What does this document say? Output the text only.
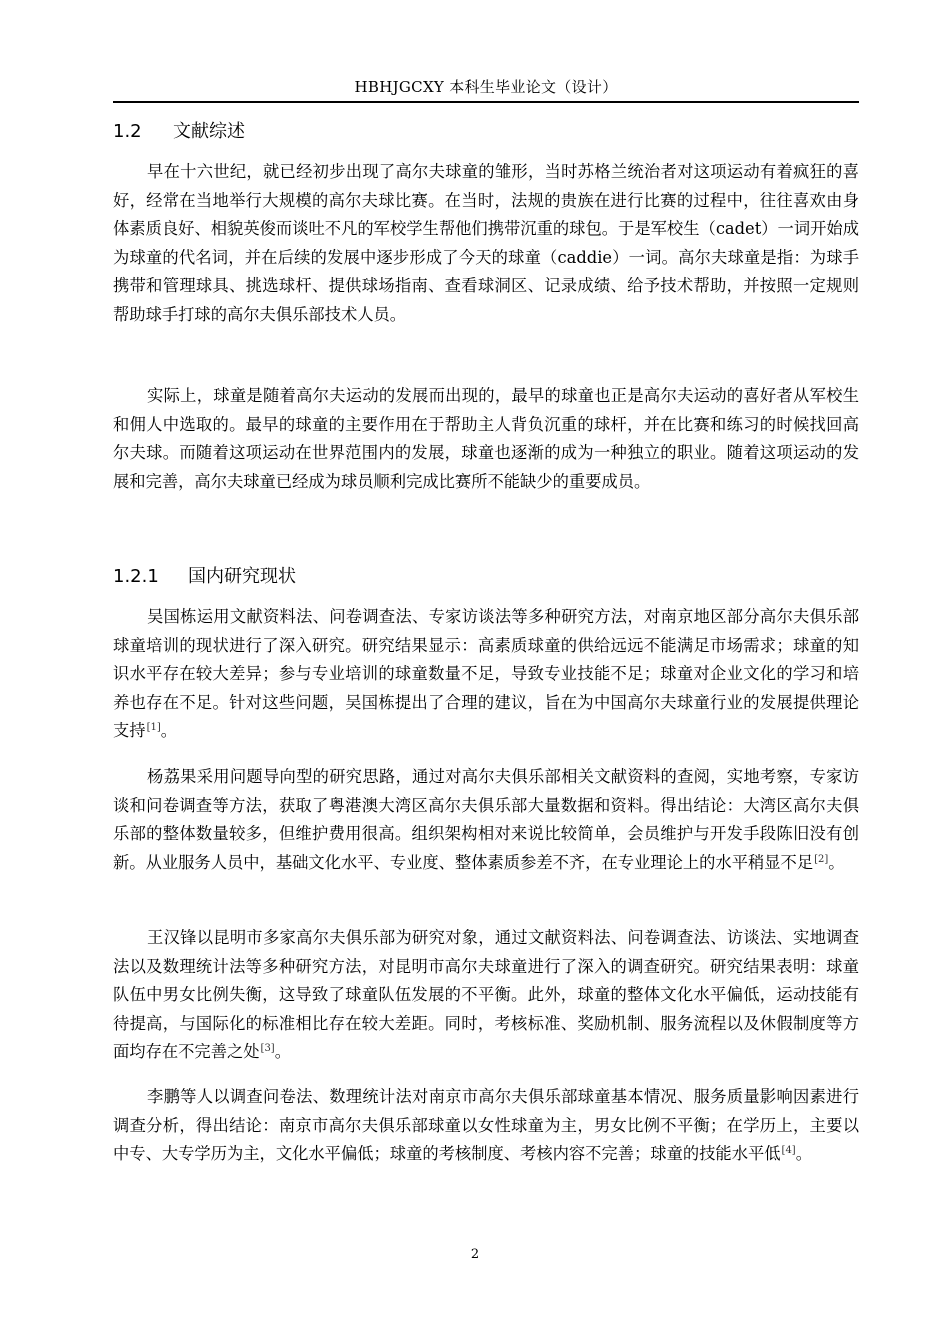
HBHJGCXY 本科生毕业论文（设计）
1.2 文献综述

早在十六世纪，就已经初步出现了高尔夫球童的雏形，当时苏格兰统治者对这项运动有着疯狂的喜好，经常在当地举行大规模的高尔夫球比赛。在当时，法规的贵族在进行比赛的过程中，往往喜欢由身体素质良好、相貌英俊而谈吐不凡的军校学生帮他们携带沉重的球包。于是军校生（cadet）一词开始成为球童的代名词，并在后续的发展中逐步形成了今天的球童（caddie）一词。高尔夫球童是指：为球手携带和管理球具、挑选球杆、提供球场指南、查看球洞区、记录成绩、给予技术帮助，并按照一定规则帮助球手打球的高尔夫俱乐部技术人员。

实际上，球童是随着高尔夫运动的发展而出现的，最早的球童也正是高尔夫运动的喜好者从军校生和佣人中选取的。最早的球童的主要作用在于帮助主人背负沉重的球杆，并在比赛和练习的时候找回高尔夫球。而随着这项运动在世界范围内的发展，球童也逐渐的成为一种独立的职业。随着这项运动的发展和完善，高尔夫球童已经成为球员顺利完成比赛所不能缺少的重要成员。

1.2.1 国内研究现状

吴国栋运用文献资料法、问卷调查法、专家访谈法等多种研究方法，对南京地区部分高尔夫俱乐部球童培训的现状进行了深入研究。研究结果显示：高素质球童的供给远远不能满足市场需求；球童的知识水平存在较大差异；参与专业培训的球童数量不足，导致专业技能不足；球童对企业文化的学习和培养也存在不足。针对这些问题，吴国栋提出了合理的建议，旨在为中国高尔夫球童行业的发展提供理论支持[1]。

杨荔果采用问题导向型的研究思路，通过对高尔夫俱乐部相关文献资料的查阅，实地考察，专家访谈和问卷调查等方法，获取了粤港澳大湾区高尔夫俱乐部大量数据和资料。得出结论：大湾区高尔夫俱乐部的整体数量较多，但维护费用很高。组织架构相对来说比较简单，会员维护与开发手段陈旧没有创新。从业服务人员中，基础文化水平、专业度、整体素质参差不齐，在专业理论上的水平稍显不足[2]。

王汉锋以昆明市多家高尔夫俱乐部为研究对象，通过文献资料法、问卷调查法、访谈法、实地调查法以及数理统计法等多种研究方法，对昆明市高尔夫球童进行了深入的调查研究。研究结果表明：球童队伍中男女比例失衡，这导致了球童队伍发展的不平衡。此外，球童的整体文化水平偏低，运动技能有待提高，与国际化的标准相比存在较大差距。同时，考核标准、奖励机制、服务流程以及休假制度等方面均存在不完善之处[3]。

李鹏等人以调查问卷法、数理统计法对南京市高尔夫俱乐部球童基本情况、服务质量影响因素进行调查分析，得出结论：南京市高尔夫俱乐部球童以女性球童为主，男女比例不平衡；在学历上，主要以中专、大专学历为主，文化水平偏低；球童的考核制度、考核内容不完善；球童的技能水平低[4]。

2
